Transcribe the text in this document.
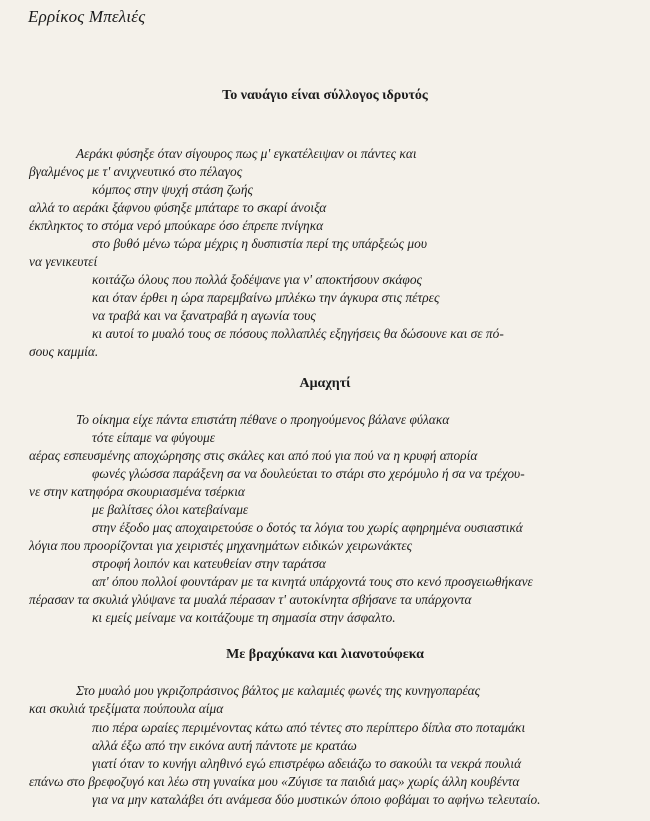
Ερρίκος Μπελιές
Το ναυάγιο είναι σύλλογος ιδρυτός
Αεράκι φύσηξε όταν σίγουρος πως μ' εγκατέλειψαν οι πάντες και
βγαλμένος με τ' ανιχνευτικό στο πέλαγος
κόμπος στην ψυχή στάση ζωής
αλλά το αεράκι ξάφνου φύσηξε μπάταρε το σκαρί άνοιξα
έκπληκτος το στόμα νερό μπούκαρε όσο έπρεπε πνίγηκα
στο βυθό μένω τώρα μέχρις η δυσπιστία περί της υπάρξεώς μου
να γενικευτεί
κοιτάζω όλους που πολλά ξοδέψανε για ν' αποκτήσουν σκάφος
και όταν έρθει η ώρα παρεμβαίνω μπλέκω την άγκυρα στις πέτρες
να τραβά και να ξανατραβά η αγωνία τους
κι αυτοί το μυαλό τους σε πόσους πολλαπλές εξηγήσεις θα δώσουνε και σε πό-
σους καμμία.
Αμαχητί
Το οίκημα είχε πάντα επιστάτη πέθανε ο προηγούμενος βάλανε φύλακα
τότε είπαμε να φύγουμε
αέρας εσπευσμένης αποχώρησης στις σκάλες και από πού για πού να η κρυφή απορία
φωνές γλώσσα παράξενη σα να δουλεύεται το στάρι στο χερόμυλο ή σα να τρέχου-
νε στην κατηφόρα σκουριασμένα τσέρκια
με βαλίτσες όλοι κατεβαίναμε
στην έξοδο μας αποχαιρετούσε ο δοτός τα λόγια του χωρίς αφηρημένα ουσιαστικά
λόγια που προορίζονται για χειριστές μηχανημάτων ειδικών χειρωνάκτες
στροφή λοιπόν και κατευθείαν στην ταράτσα
απ' όπου πολλοί φουντάραν με τα κινητά υπάρχοντά τους στο κενό προσγειωθήκανε
πέρασαν τα σκυλιά γλύψανε τα μυαλά πέρασαν τ' αυτοκίνητα σβήσανε τα υπάρχοντα
κι εμείς μείναμε να κοιτάζουμε τη σημασία στην άσφαλτο.
Με βραχύκανα και λιανοτούφεκα
Στο μυαλό μου γκριζοπράσινος βάλτος με καλαμιές φωνές της κυνηγοπαρέας
και σκυλιά τρεξίματα πούπουλα αίμα
πιο πέρα ωραίες περιμένοντας κάτω από τέντες στο περίπτερο δίπλα στο ποταμάκι
αλλά έξω από την εικόνα αυτή πάντοτε με κρατάω
γιατί όταν το κυνήγι αληθινό εγώ επιστρέφω αδειάζω το σακούλι τα νεκρά πουλιά
επάνω στο βρεφοζυγό και λέω στη γυναίκα μου «Ζύγισε τα παιδιά μας» χωρίς άλλη κουβέντα
για να μην καταλάβει ότι ανάμεσα δύο μυστικών όποιο φοβάμαι το αφήνω τελευταίο.
